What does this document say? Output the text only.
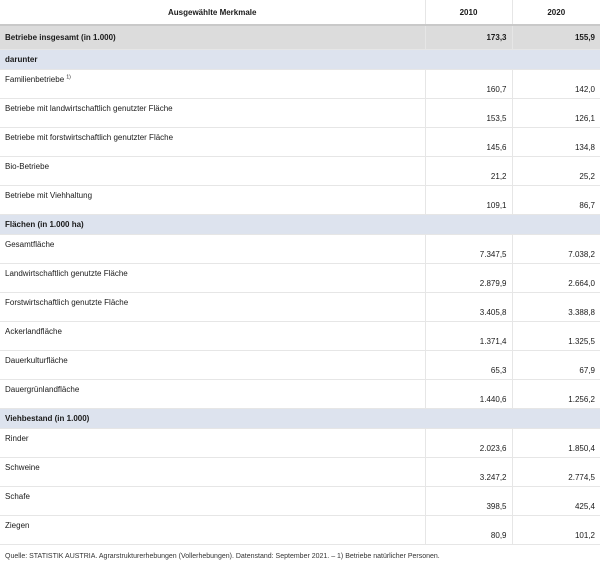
Ausgewählte Merkmale	2010	2020
Betriebe insgesamt (in 1.000)	173,3	155,9
darunter		
Familienbetriebe $^{1)}$	160,7	142,0
Betriebe mit landwirtschaftlich genutzter Fläche	153,5	126,1
Betriebe mit forstwirtschaftlich genutzter Fläche	145,6	134,8
Bio-Betriebe	21,2	25,2
Betriebe mit Viehhaltung	109,1	86,7
Flächen (in 1.000 ha)		
Gesamtfläche	7.347,5	7.038,2
Landwirtschaftlich genutzte Fläche	2.879,9	2.664,0
Forstwirtschaftlich genutzte Fläche	3.405,8	3.388,8
Ackerlandfläche	1.371,4	1.325,5
Dauerkulturfläche	65,3	67,9
Dauergrünlandfläche	1.440,6	1.256,2
Viehbestand (in 1.000)		
Rinder	2.023,6	1.850,4
Schweine	3.247,2	2.774,5
Schafe	398,5	425,4
Ziegen	80,9	101,2
Quelle: STATISTIK AUSTRIA. Agrarstrukturerhebungen (Vollerhebungen). Datenstand: September 2021. – 1) Betriebe natürlicher Personen.		
